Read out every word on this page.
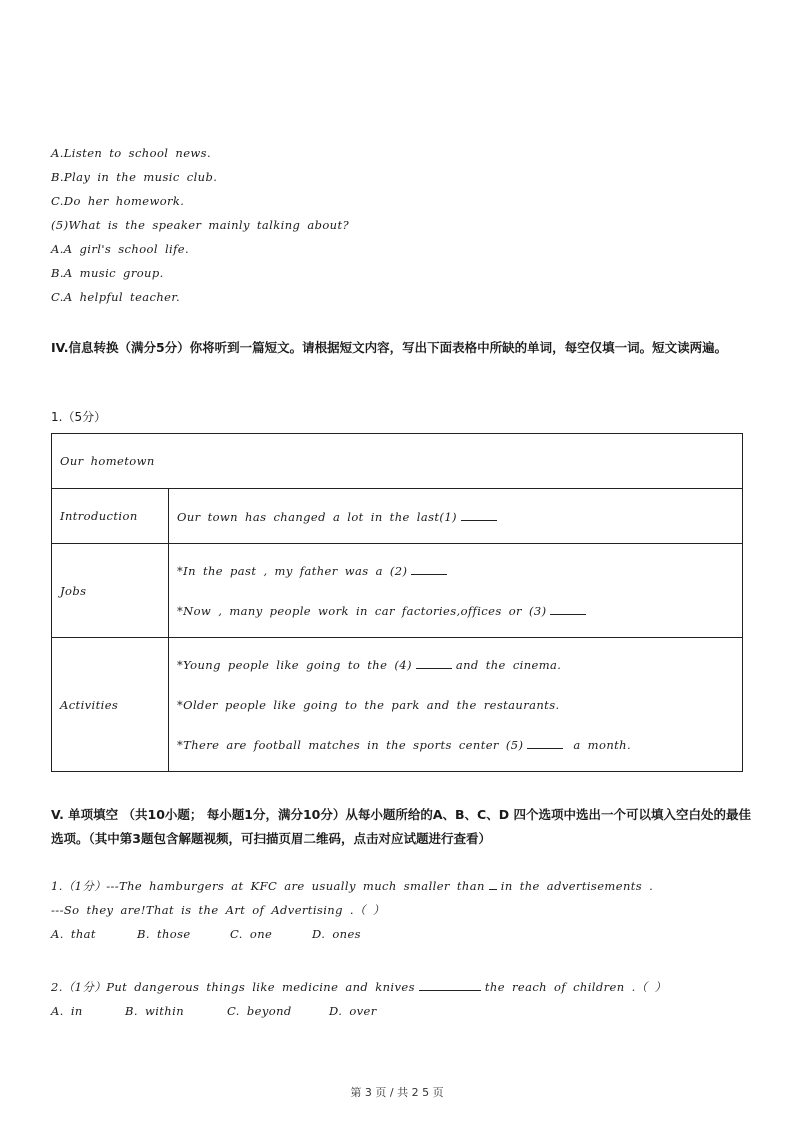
A.Listen to school news.
B.Play in the music club.
C.Do her homework.
(5)What is the speaker mainly talking about?
A.A girl's school life.
B.A music group.
C.A helpful teacher.
IV.信息转换（满分5分）你将听到一篇短文。请根据短文内容，写出下面表格中所缺的单词，每空仅填一词。短文读两遍。
1.（5分）
Our hometown	
Introduction	Our town has changed a lot in the last(1)
Jobs	*In the past , my father was a (2)
*Now , many people work in car factories,offices or (3)

Activities	*Young people like going to the (4) and the cinema.
*Older people like going to the park and the restaurants.
*There are football matches in the sports center (5) a month.
V. 单项填空 （共10小题； 每小题1分，满分10分）从每小题所给的A、B、C、D 四个选项中选出一个可以填入空白处的最佳选项。（其中第3题包含解题视频，可扫描页眉二维码，点击对应试题进行查看）
1.（1分）---The hamburgers at KFC are usually much smaller than in the advertisements .
---So they are!That is the Art of Advertising .（ ）
A. that	B. those	C. one	D. ones
2.（1分）Put dangerous things like medicine and knives	the reach of children .（ ）
A. in	B. within	C. beyond	D. over
第 3 页 / 共 2 5 页
